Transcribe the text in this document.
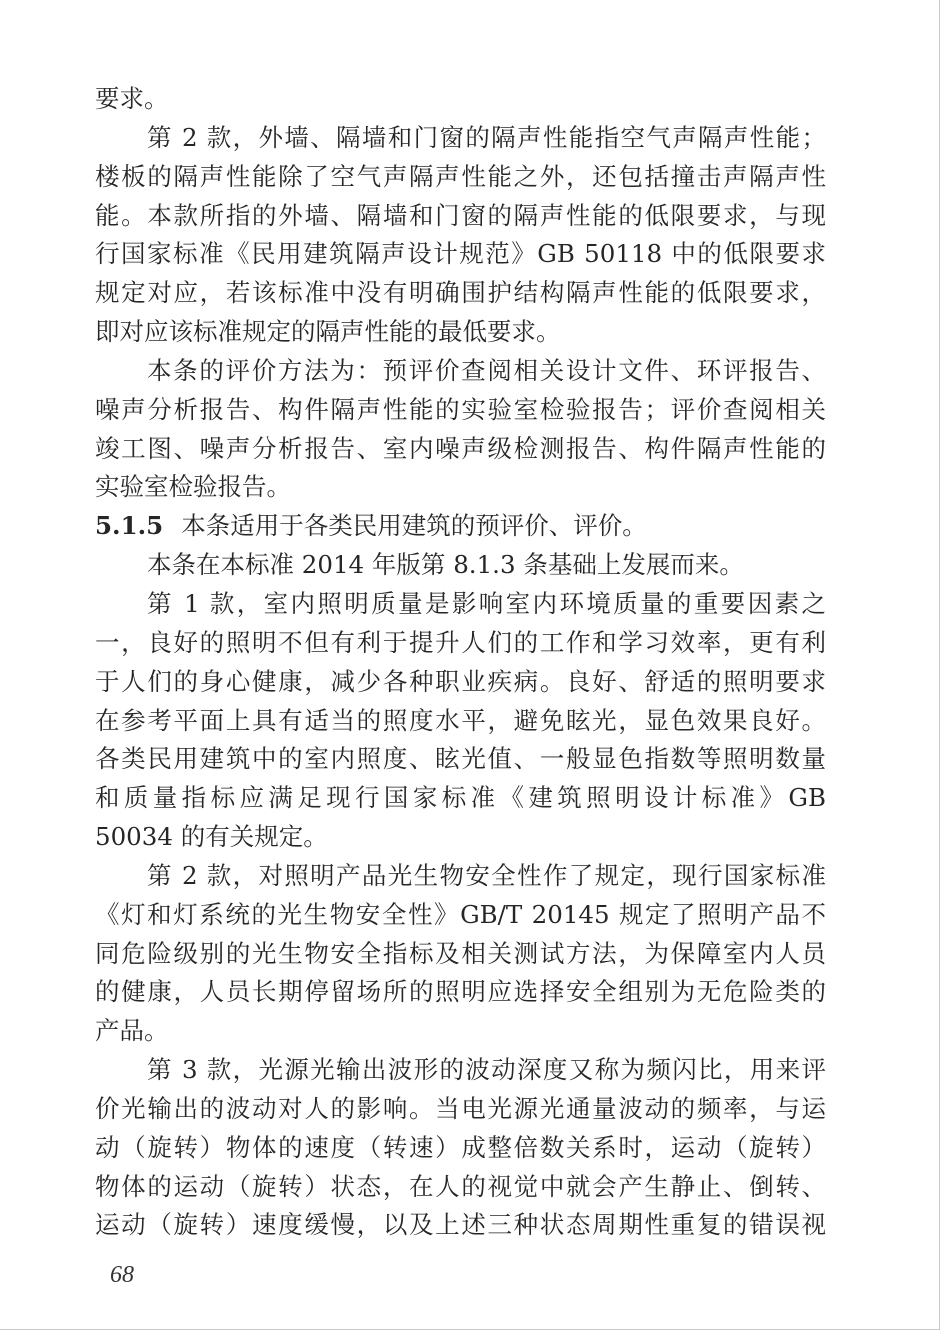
要求。
第 2 款，外墙、隔墙和门窗的隔声性能指空气声隔声性能；
楼板的隔声性能除了空气声隔声性能之外，还包括撞击声隔声性
能。本款所指的外墙、隔墙和门窗的隔声性能的低限要求，与现
行国家标准《民用建筑隔声设计规范》GB 50118 中的低限要求
规定对应，若该标准中没有明确围护结构隔声性能的低限要求，
即对应该标准规定的隔声性能的最低要求。
本条的评价方法为：预评价查阅相关设计文件、环评报告、
噪声分析报告、构件隔声性能的实验室检验报告；评价查阅相关
竣工图、噪声分析报告、室内噪声级检测报告、构件隔声性能的
实验室检验报告。
5.1.5 本条适用于各类民用建筑的预评价、评价。
本条在本标准 2014 年版第 8.1.3 条基础上发展而来。
第 1 款，室内照明质量是影响室内环境质量的重要因素之
一，良好的照明不但有利于提升人们的工作和学习效率，更有利
于人们的身心健康，减少各种职业疾病。良好、舒适的照明要求
在参考平面上具有适当的照度水平，避免眩光，显色效果良好。
各类民用建筑中的室内照度、眩光值、一般显色指数等照明数量
和质量指标应满足现行国家标准《建筑照明设计标准》GB
50034 的有关规定。
第 2 款，对照明产品光生物安全性作了规定，现行国家标准
《灯和灯系统的光生物安全性》GB/T 20145 规定了照明产品不
同危险级别的光生物安全指标及相关测试方法，为保障室内人员
的健康，人员长期停留场所的照明应选择安全组别为无危险类的
产品。
第 3 款，光源光输出波形的波动深度又称为频闪比，用来评
价光输出的波动对人的影响。当电光源光通量波动的频率，与运
动（旋转）物体的速度（转速）成整倍数关系时，运动（旋转）
物体的运动（旋转）状态，在人的视觉中就会产生静止、倒转、
运动（旋转）速度缓慢，以及上述三种状态周期性重复的错误视
68
